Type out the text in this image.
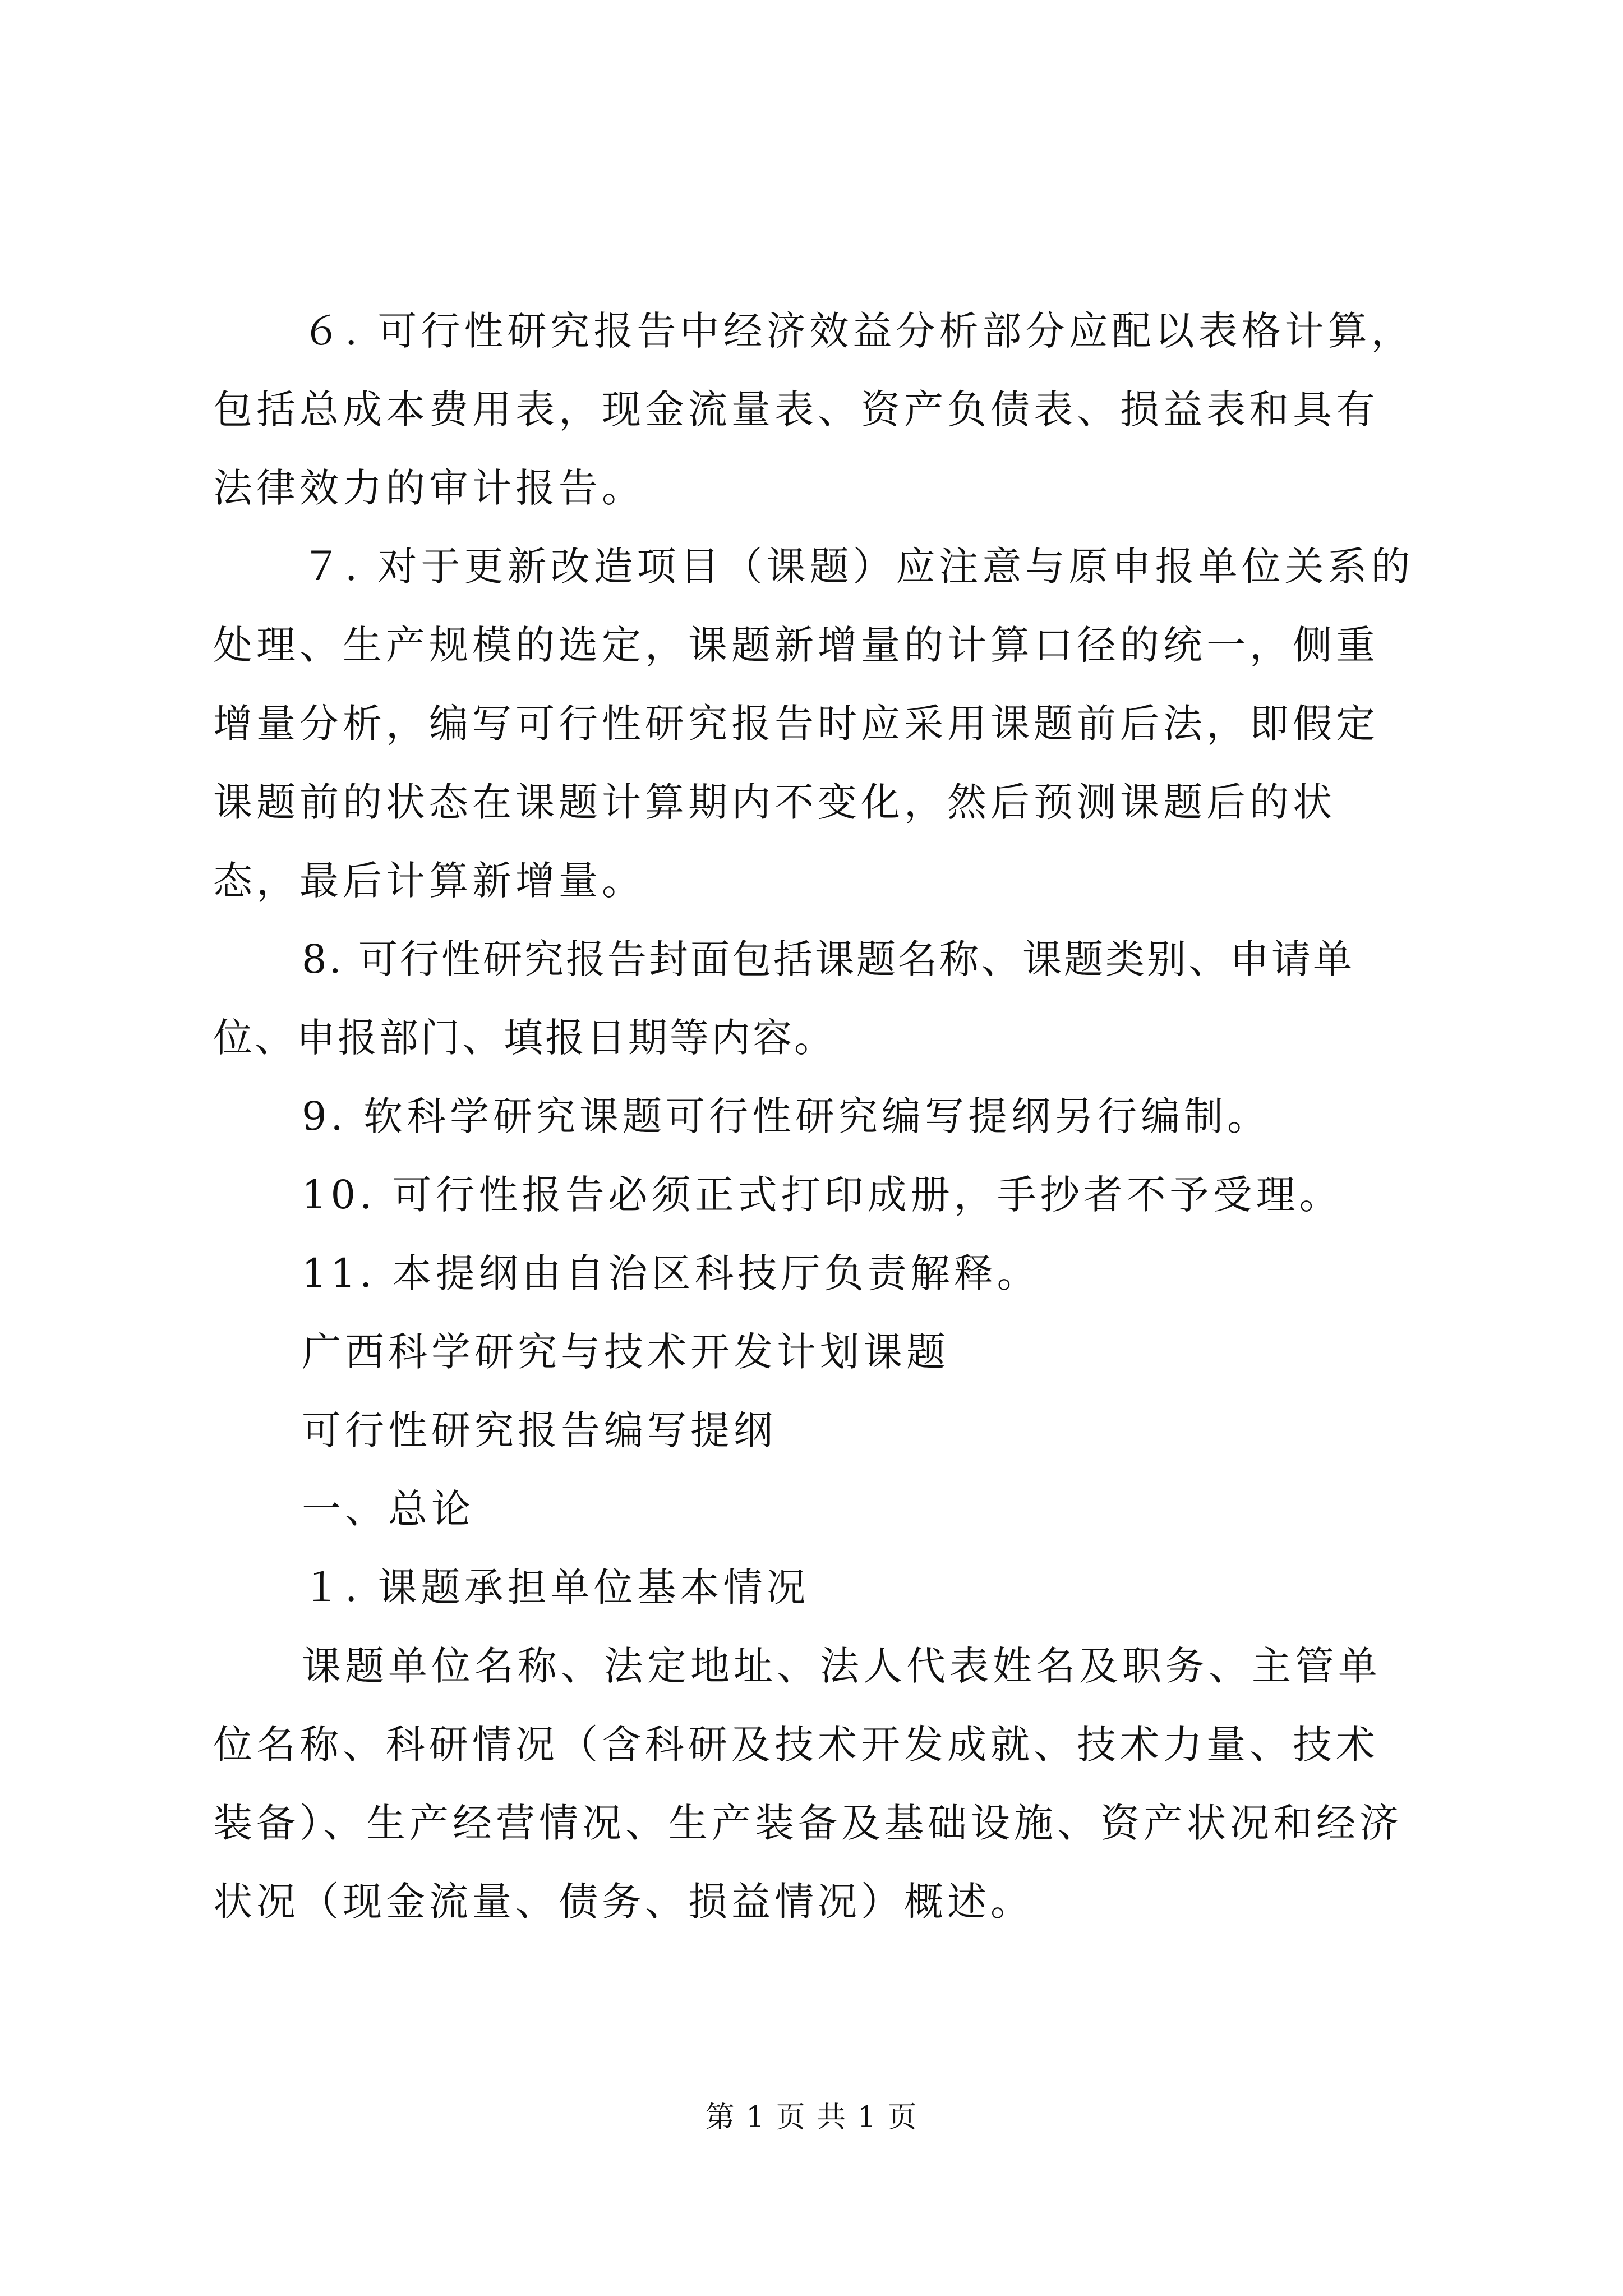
６. 可行性研究报告中经济效益分析部分应配以表格计算，包括总成本费用表，现金流量表、资产负债表、损益表和具有法律效力的审计报告。

７. 对于更新改造项目（课题）应注意与原申报单位关系的处理、生产规模的选定，课题新增量的计算口径的统一，侧重增量分析，编写可行性研究报告时应采用课题前后法，即假定课题前的状态在课题计算期内不变化，然后预测课题后的状态，最后计算新增量。

8. 可行性研究报告封面包括课题名称、课题类别、申请单位、申报部门、填报日期等内容。

9. 软科学研究课题可行性研究编写提纲另行编制。

10. 可行性报告必须正式打印成册，手抄者不予受理。

11. 本提纲由自治区科技厅负责解释。

广西科学研究与技术开发计划课题

可行性研究报告编写提纲

一、总论

１. 课题承担单位基本情况

课题单位名称、法定地址、法人代表姓名及职务、主管单位名称、科研情况（含科研及技术开发成就、技术力量、技术装备）、生产经营情况、生产装备及基础设施、资产状况和经济状况（现金流量、债务、损益情况）概述。

第 1 页 共 1 页
